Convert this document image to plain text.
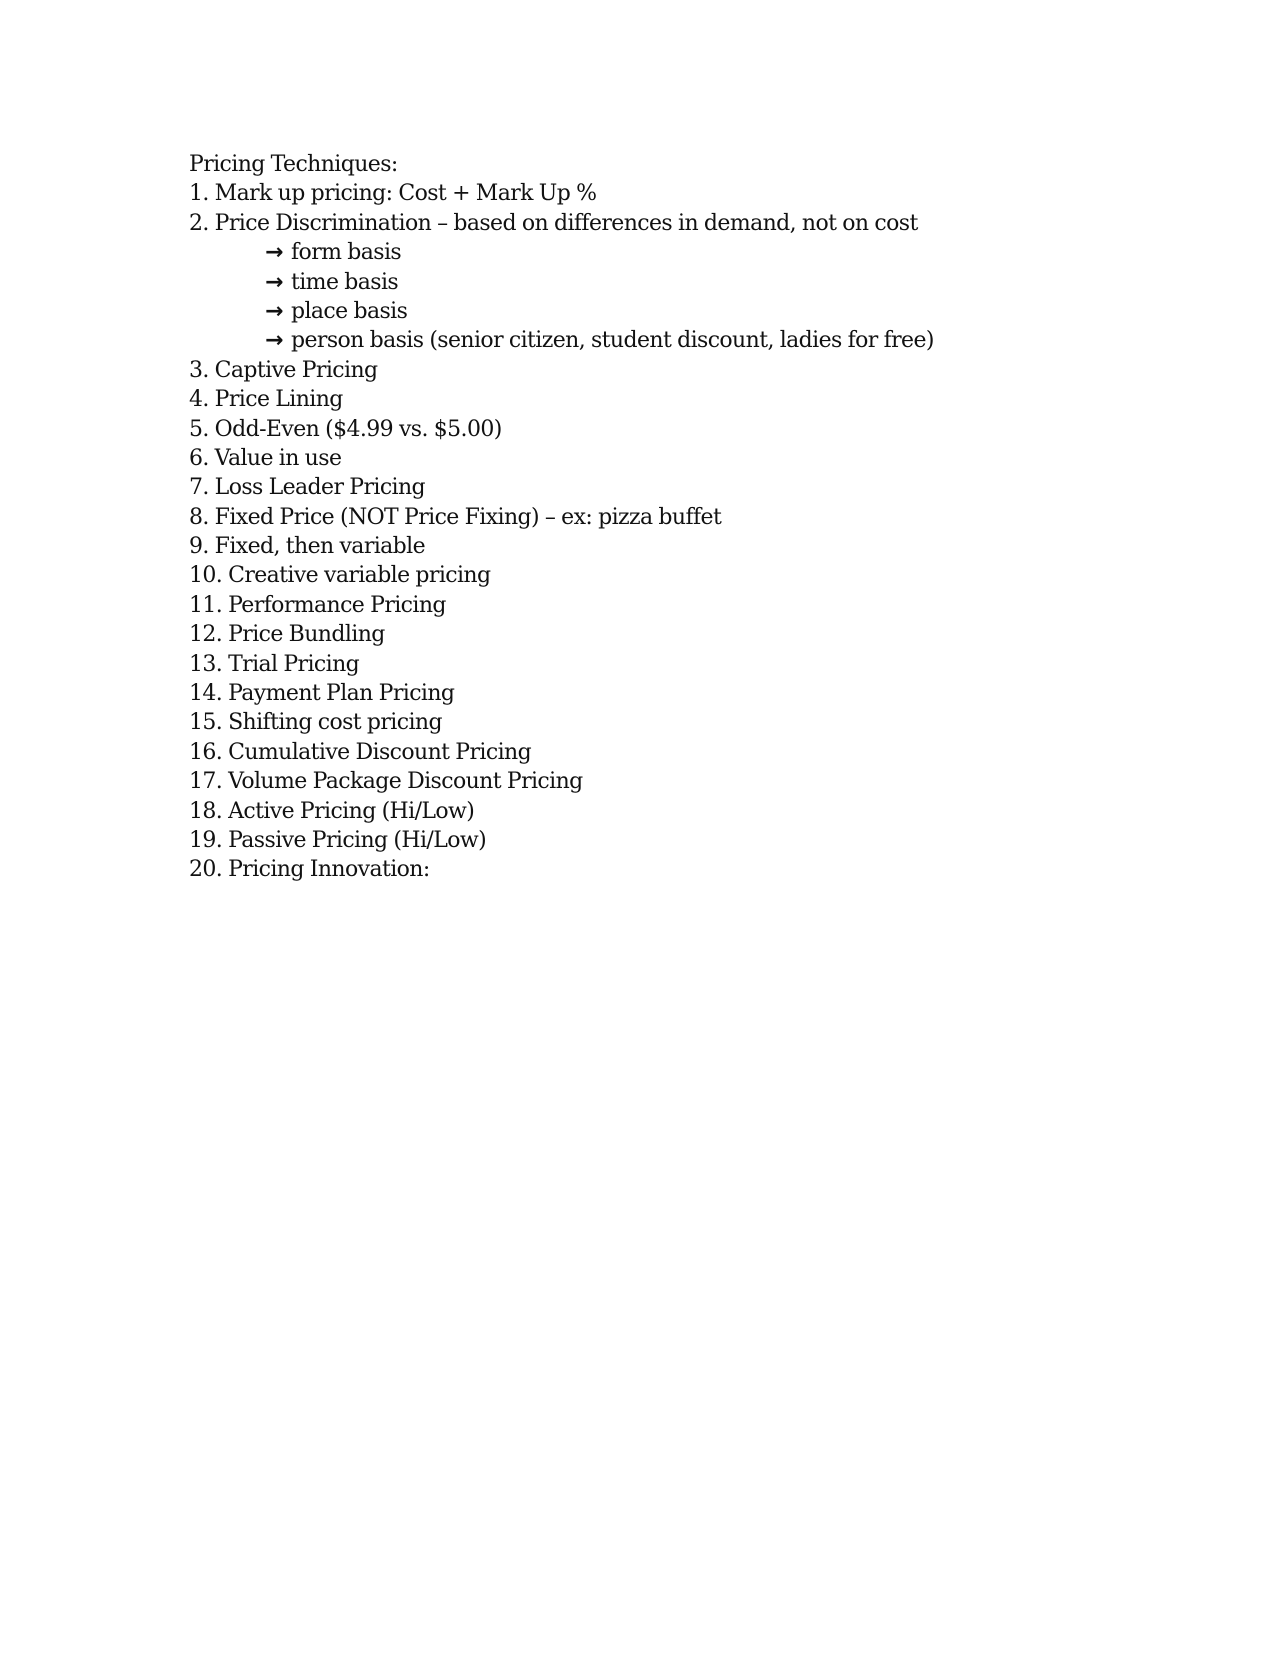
Pricing Techniques:
1. Mark up pricing: Cost + Mark Up %
2. Price Discrimination – based on differences in demand, not on cost
→ form basis
→ time basis
→ place basis
→ person basis (senior citizen, student discount, ladies for free)
3. Captive Pricing
4. Price Lining
5. Odd-Even ($4.99 vs. $5.00)
6. Value in use
7. Loss Leader Pricing
8. Fixed Price (NOT Price Fixing) – ex: pizza buffet
9. Fixed, then variable
10. Creative variable pricing
11. Performance Pricing
12. Price Bundling
13. Trial Pricing
14. Payment Plan Pricing
15. Shifting cost pricing
16. Cumulative Discount Pricing
17. Volume Package Discount Pricing
18. Active Pricing (Hi/Low)
19. Passive Pricing (Hi/Low)
20. Pricing Innovation:
